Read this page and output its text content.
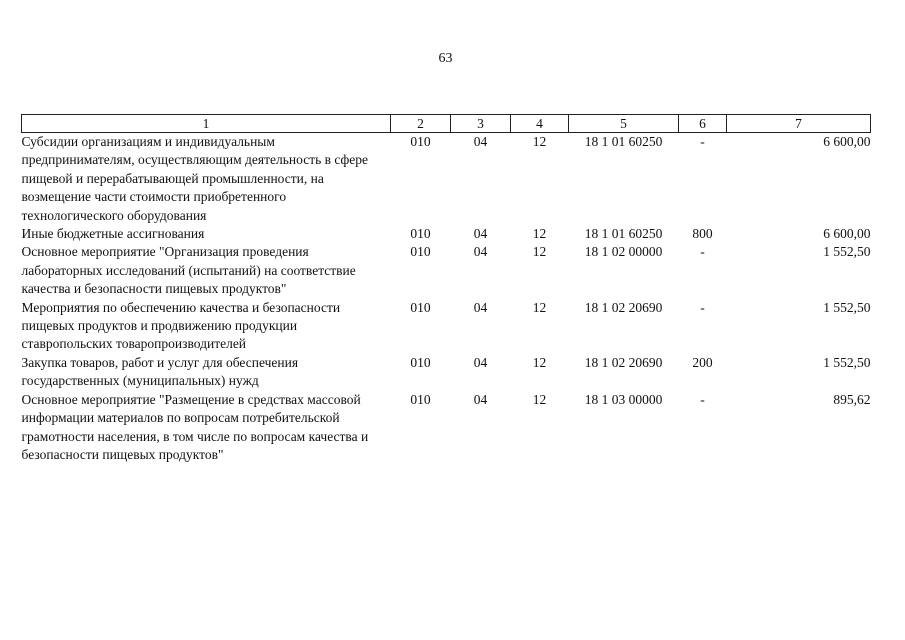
63
1	2	3	4	5	6	7
Субсидии организациям и индивидуальным предпринимателям, осуществляющим деятельность в сфере пищевой и перерабатывающей промышленности, на возмещение части стоимости приобретенного технологического оборудования	010	04	12	18 1 01 60250	-	6 600,00
Иные бюджетные ассигнования	010	04	12	18 1 01 60250	800	6 600,00
Основное мероприятие "Организация проведения лабораторных исследований (испытаний) на соответствие качества и безопасности пищевых продуктов"	010	04	12	18 1 02 00000	-	1 552,50
Мероприятия по обеспечению качества и безопасности пищевых продуктов и продвижению продукции ставропольских товаропроизводителей	010	04	12	18 1 02 20690	-	1 552,50
Закупка товаров, работ и услуг для обеспечения государственных (муниципальных) нужд	010	04	12	18 1 02 20690	200	1 552,50
Основное мероприятие "Размещение в средствах массовой информации материалов по вопросам потребительской грамотности населения, в том числе по вопросам качества и безопасности пищевых продуктов"	010	04	12	18 1 03 00000	-	895,62
